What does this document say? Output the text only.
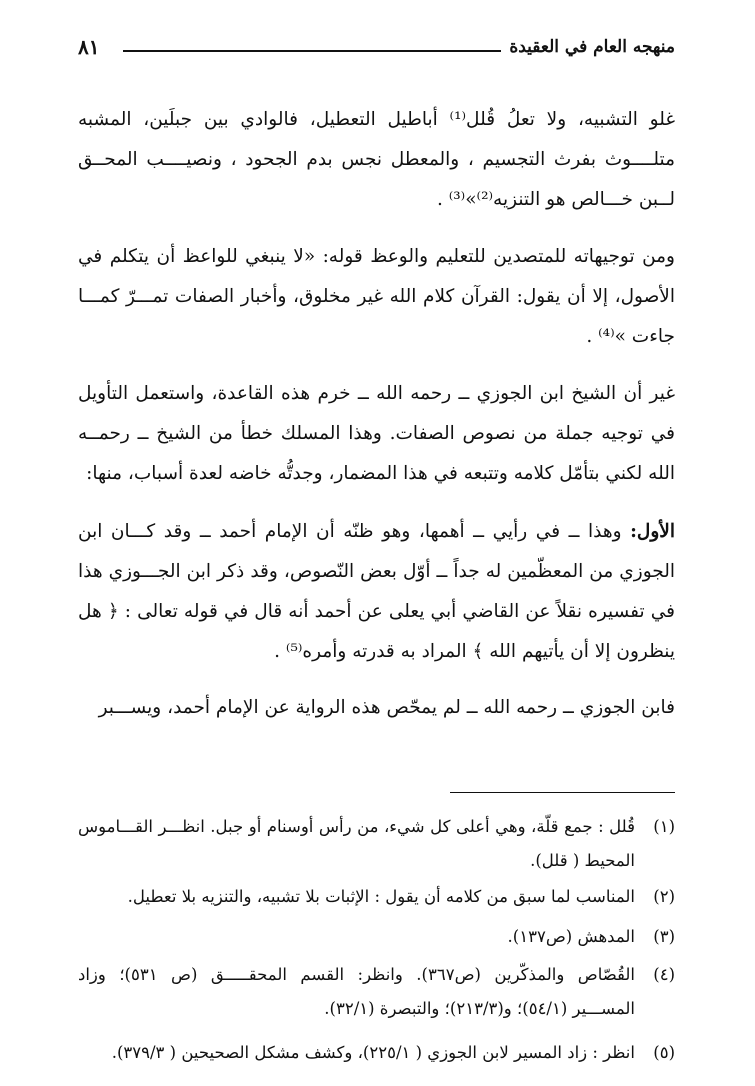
منهجه العام في العقيدة
٨١
غلو التشبيه، ولا تعلُ قُلل⁽¹⁾ أباطيل التعطيل، فالوادي بين جبلَين، المشبه متلــــوث بفرث التجسيم ، والمعطل نجس بدم الجحود ، ونصيــــب المحــق لــبن خـــالص هو التنزيه⁽²⁾»⁽³⁾ .
ومن توجيهاته للمتصدين للتعليم والوعظ قوله: «لا ينبغي للواعظ أن يتكلم في الأصول، إلا أن يقول: القرآن كلام الله غير مخلوق، وأخبار الصفات تمـــرّ كمـــا جاءت »⁽⁴⁾ .
غير أن الشيخ ابن الجوزي ــ رحمه الله ــ خرم هذه القاعدة، واستعمل التأويل في توجيه جملة من نصوص الصفات. وهذا المسلك خطأ من الشيخ ــ رحمــه الله لكني بتأمّل كلامه وتتبعه في هذا المضمار، وجدتُّه خاضه لعدة أسباب، منها:
الأول: وهذا ــ في رأيي ــ أهمها، وهو ظنّه أن الإمام أحمد ــ وقد كـــان ابن الجوزي من المعظّمين له جداً ــ أوّل بعض النّصوص، وقد ذكر ابن الجـــوزي هذا في تفسيره نقلاً عن القاضي أبي يعلى عن أحمد أنه قال في قوله تعالى : ﴿ هل ينظرون إلا أن يأتيهم الله ﴾ المراد به قدرته وأمره⁽⁵⁾ .
فابن الجوزي ــ رحمه الله ــ لم يمحّص هذه الرواية عن الإمام أحمد، ويســـبر
(١)
قُلل : جمع قلّة، وهي أعلى كل شيء، من رأس أوسنام أو جبل. انظـــر القـــاموس المحيط ( قلل).
(٢)
المناسب لما سبق من كلامه أن يقول : الإثبات بلا تشبيه، والتنزيه بلا تعطيل.
(٣)
المدهش (ص١٣٧).
(٤)
القُصّاص والمذكّرين (ص٣٦٧). وانظر: القسم المحقـــــق (ص ٥٣١)؛ وزاد المســـير (٥٤/١)؛ و(٢١٣/٣)؛ والتبصرة (٣٢/١).
(٥)
انظر : زاد المسير لابن الجوزي ( ٢٢٥/١)، وكشف مشكل الصحيحين ( ٣٧٩/٣).
